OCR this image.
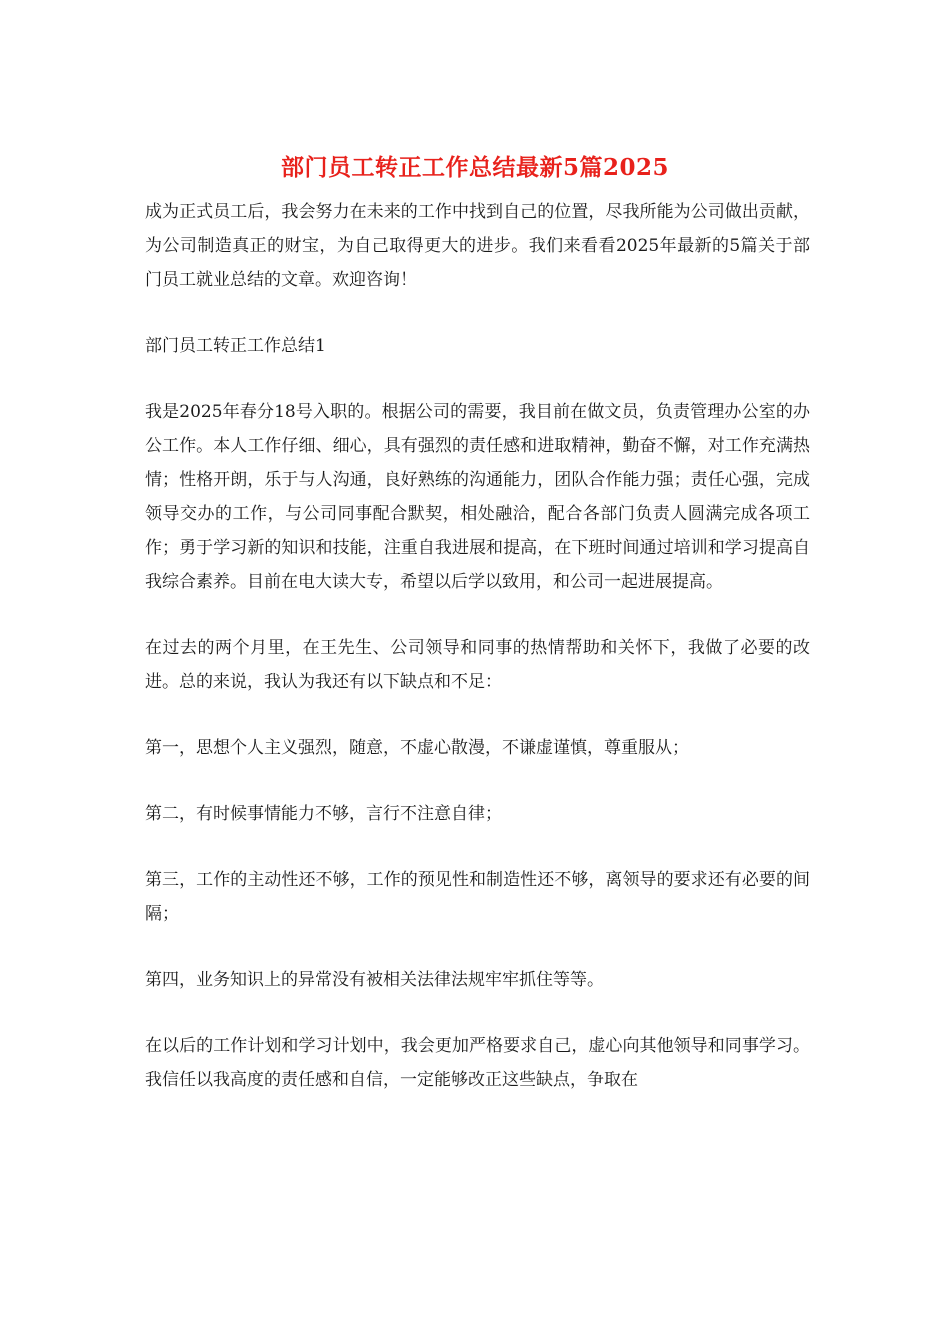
部门员工转正工作总结最新5篇2025

成为正式员工后，我会努力在未来的工作中找到自己的位置，尽我所能为公司做出贡献，为公司制造真正的财宝，为自己取得更大的进步。我们来看看2025年最新的5篇关于部门员工就业总结的文章。欢迎咨询！

部门员工转正工作总结1

我是2025年春分18号入职的。根据公司的需要，我目前在做文员，负责管理办公室的办公工作。本人工作仔细、细心，具有强烈的责任感和进取精神，勤奋不懈，对工作充满热情；性格开朗，乐于与人沟通，良好熟练的沟通能力，团队合作能力强；责任心强，完成领导交办的工作，与公司同事配合默契，相处融洽，配合各部门负责人圆满完成各项工作；勇于学习新的知识和技能，注重自我进展和提高，在下班时间通过培训和学习提高自我综合素养。目前在电大读大专，希望以后学以致用，和公司一起进展提高。

在过去的两个月里，在王先生、公司领导和同事的热情帮助和关怀下，我做了必要的改进。总的来说，我认为我还有以下缺点和不足：

第一，思想个人主义强烈，随意，不虚心散漫，不谦虚谨慎，尊重服从；

第二，有时候事情能力不够，言行不注意自律；

第三，工作的主动性还不够，工作的预见性和制造性还不够，离领导的要求还有必要的间隔；

第四，业务知识上的异常没有被相关法律法规牢牢抓住等等。

在以后的工作计划和学习计划中，我会更加严格要求自己，虚心向其他领导和同事学习。我信任以我高度的责任感和自信，一定能够改正这些缺点，争取在
